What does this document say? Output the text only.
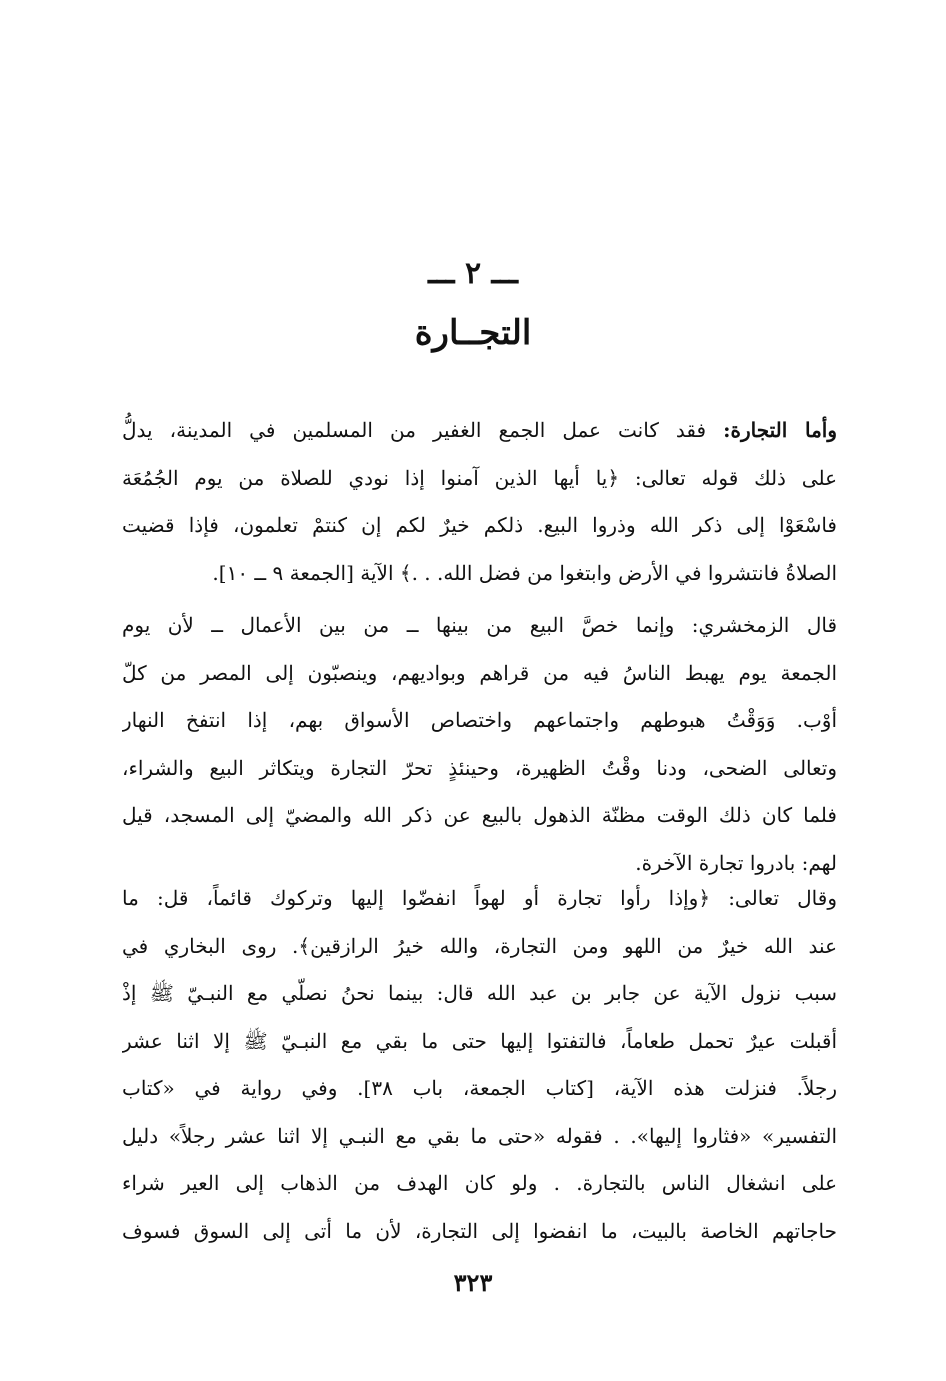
ـــ ٢ ـــ
التجــارة
وأما التجارة: فقد كانت عمل الجمع الغفير من المسلمين في المدينة، يدلُّ
على ذلك قوله تعالى: ﴿يا أيها الذين آمنوا إذا نودي للصلاة من يوم الجُمُعَة
فاسْعَوْا إلى ذكر الله وذروا البيع. ذلكم خيرٌ لكم إن كنتمْ تعلمون، فإذا قضيت
الصلاةُ فانتشروا في الأرض وابتغوا من فضل الله. . .﴾ الآية [الجمعة ٩ ــ ١٠].
قال الزمخشري: وإنما خصَّ البيع من بينها ــ من بين الأعمال ــ لأن يوم
الجمعة يوم يهبط الناسُ فيه من قراهم وبواديهم، وينصبّون إلى المصر من كلّ
أوْب. وَوَقْتُ هبوطهم واجتماعهم واختصاص الأسواق بهم، إذا انتفخ النهار
وتعالى الضحى، ودنا وقْتُ الظهيرة، وحينئذٍ تحرّ التجارة ويتكاثر البيع والشراء،
فلما كان ذلك الوقت مظنّة الذهول بالبيع عن ذكر الله والمضيّ إلى المسجد، قيل
لهم: بادروا تجارة الآخرة.
وقال تعالى: ﴿وإذا رأوا تجارة أو لهواً انفضّوا إليها وتركوك قائماً، قل: ما
عند الله خيرٌ من اللهو ومن التجارة، والله خيرُ الرازقين﴾. روى البخاري في
سبب نزول الآية عن جابر بن عبد الله قال: بينما نحنُ نصلّي مع النبـيّ ﷺ إذْ
أقبلت عيرٌ تحمل طعاماً، فالتفتوا إليها حتى ما بقي مع النبـيّ ﷺ إلا اثنا عشر
رجلاً. فنزلت هذه الآية، [كتاب الجمعة، باب ٣٨]. وفي رواية في «كتاب
التفسير» «فثاروا إليها». . فقوله «حتى ما بقي مع النبـي إلا اثنا عشر رجلاً» دليل
على انشغال الناس بالتجارة. . ولو كان الهدف من الذهاب إلى العير شراء
حاجاتهم الخاصة بالبيت، ما انفضوا إلى التجارة، لأن ما أتى إلى السوق فسوف
٣٢٣
